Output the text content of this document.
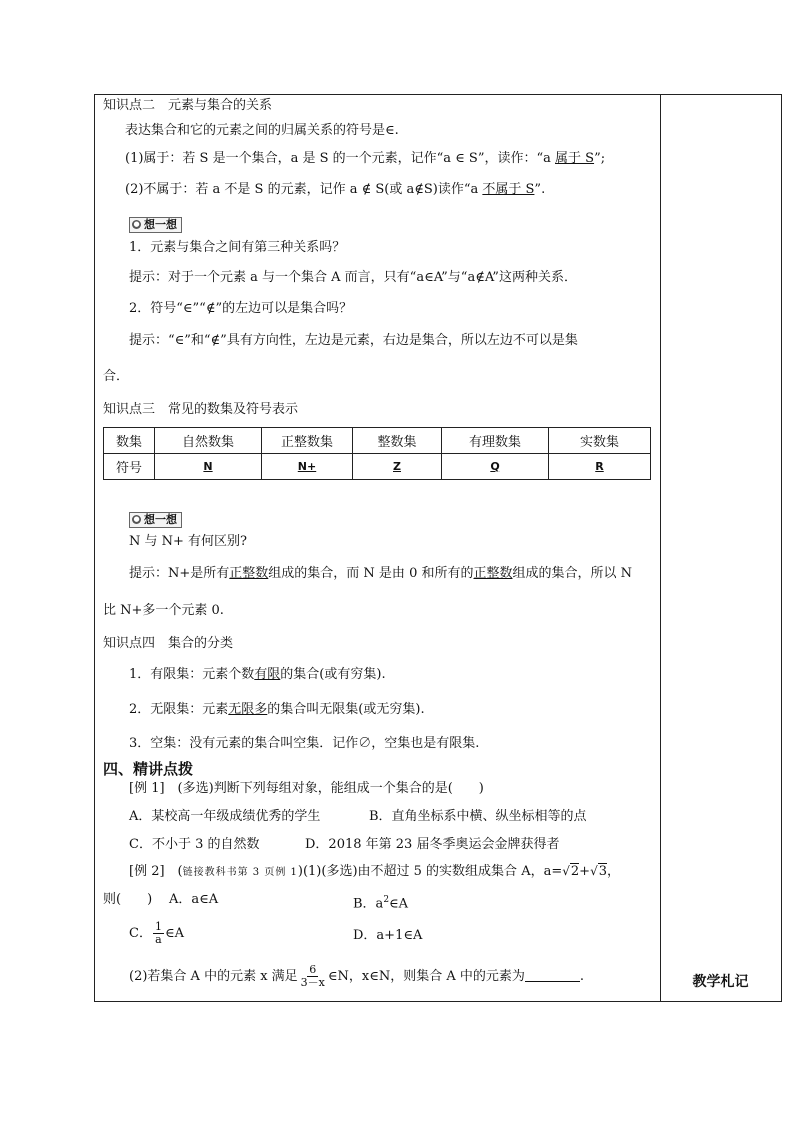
知识点二　元素与集合的关系
表达集合和它的元素之间的归属关系的符号是∈.
(1)属于：若 S 是一个集合，a 是 S 的一个元素，记作“a ∈ S”，读作：“a 属于 S”;
(2)不属于：若 a 不是 S 的元素，记作 a ∉ S(或 a∉S)读作“a 不属于 S”.
● 想一想
1．元素与集合之间有第三种关系吗？
提示：对于一个元素 a 与一个集合 A 而言，只有“a∈A”与“a∉A”这两种关系．
2．符号“∈”“∉”的左边可以是集合吗？
提示：“∈”和“∉”具有方向性，左边是元素，右边是集合，所以左边不可以是集
合．
知识点三　常见的数集及符号表示
数集	自然数集	正整数集	整数集	有理数集	实数集
符号	N	N+	Z	Q	R
● 想一想
N 与 N+ 有何区别?
提示：N+是所有正整数组成的集合，而 N 是由 0 和所有的正整数组成的集合，所以 N
比 N+多一个元素 0.
知识点四　集合的分类
1．有限集：元素个数有限的集合(或有穷集).
2．无限集：元素无限多的集合叫无限集(或无穷集).
3．空集：没有元素的集合叫空集．记作∅，空集也是有限集.
四、精讲点拨
[例 1]　(多选)判断下列每组对象，能组成一个集合的是(　　)
A．某校高一年级成绩优秀的学生	B．直角坐标系中横、纵坐标相等的点
C．不小于 3 的自然数	D．2018 年第 23 届冬季奥运会金牌获得者
[例 2]　(链接教科书第 3 页例 1)(1)(多选)由不超过 5 的实数组成集合 A，a=√2+√3，
则(　　) A．a∈A	B．$a^2\in A$
C． $\frac{1}{a}$ ∈A	D．a+1∈A
(2)若集合 A 中的元素 x 满足 $\frac{6}{3-x}$ ∈N，x∈N，则集合 A 中的元素为	.	教学札记
